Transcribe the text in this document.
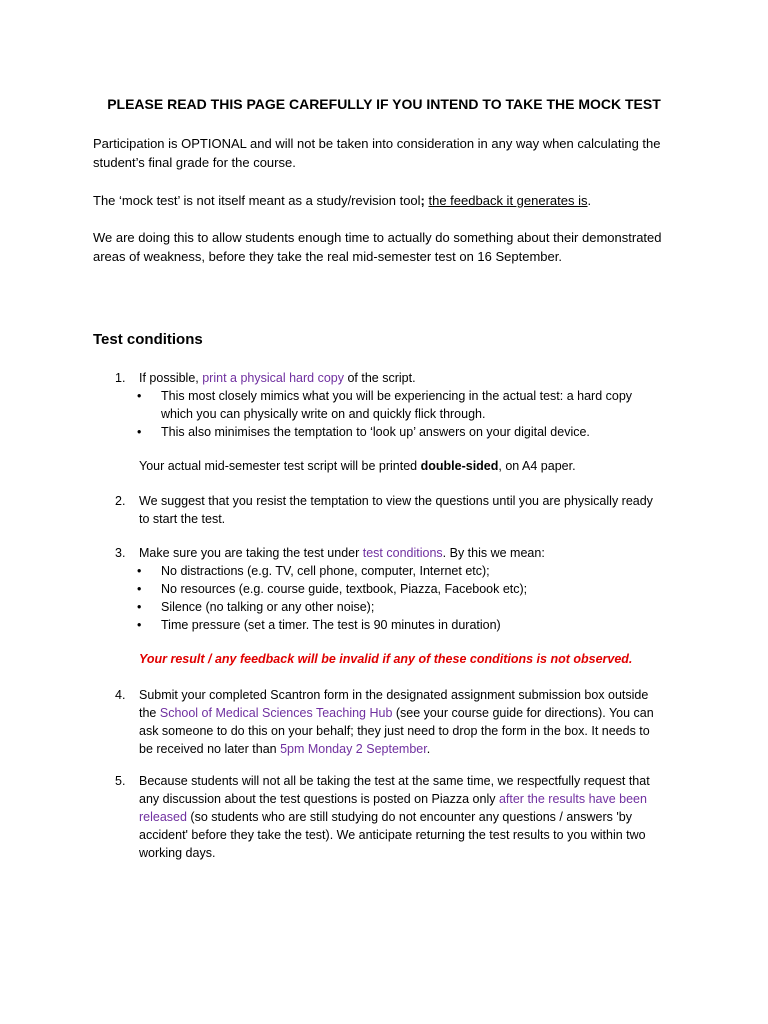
PLEASE READ THIS PAGE CAREFULLY IF YOU INTEND TO TAKE THE MOCK TEST
Participation is OPTIONAL and will not be taken into consideration in any way when calculating the student’s final grade for the course.
The ‘mock test’ is not itself meant as a study/revision tool; the feedback it generates is.
We are doing this to allow students enough time to actually do something about their demonstrated areas of weakness, before they take the real mid-semester test on 16 September.
Test conditions
1. If possible, print a physical hard copy of the script.
• This most closely mimics what you will be experiencing in the actual test: a hard copy which you can physically write on and quickly flick through.
• This also minimises the temptation to ‘look up’ answers on your digital device.
Your actual mid-semester test script will be printed double-sided, on A4 paper.
2. We suggest that you resist the temptation to view the questions until you are physically ready to start the test.
3. Make sure you are taking the test under test conditions. By this we mean:
• No distractions (e.g. TV, cell phone, computer, Internet etc);
• No resources (e.g. course guide, textbook, Piazza, Facebook etc);
• Silence (no talking or any other noise);
• Time pressure (set a timer. The test is 90 minutes in duration)
Your result / any feedback will be invalid if any of these conditions is not observed.
4. Submit your completed Scantron form in the designated assignment submission box outside the School of Medical Sciences Teaching Hub (see your course guide for directions). You can ask someone to do this on your behalf; they just need to drop the form in the box. It needs to be received no later than 5pm Monday 2 September.
5. Because students will not all be taking the test at the same time, we respectfully request that any discussion about the test questions is posted on Piazza only after the results have been released (so students who are still studying do not encounter any questions / answers 'by accident' before they take the test). We anticipate returning the test results to you within two working days.
